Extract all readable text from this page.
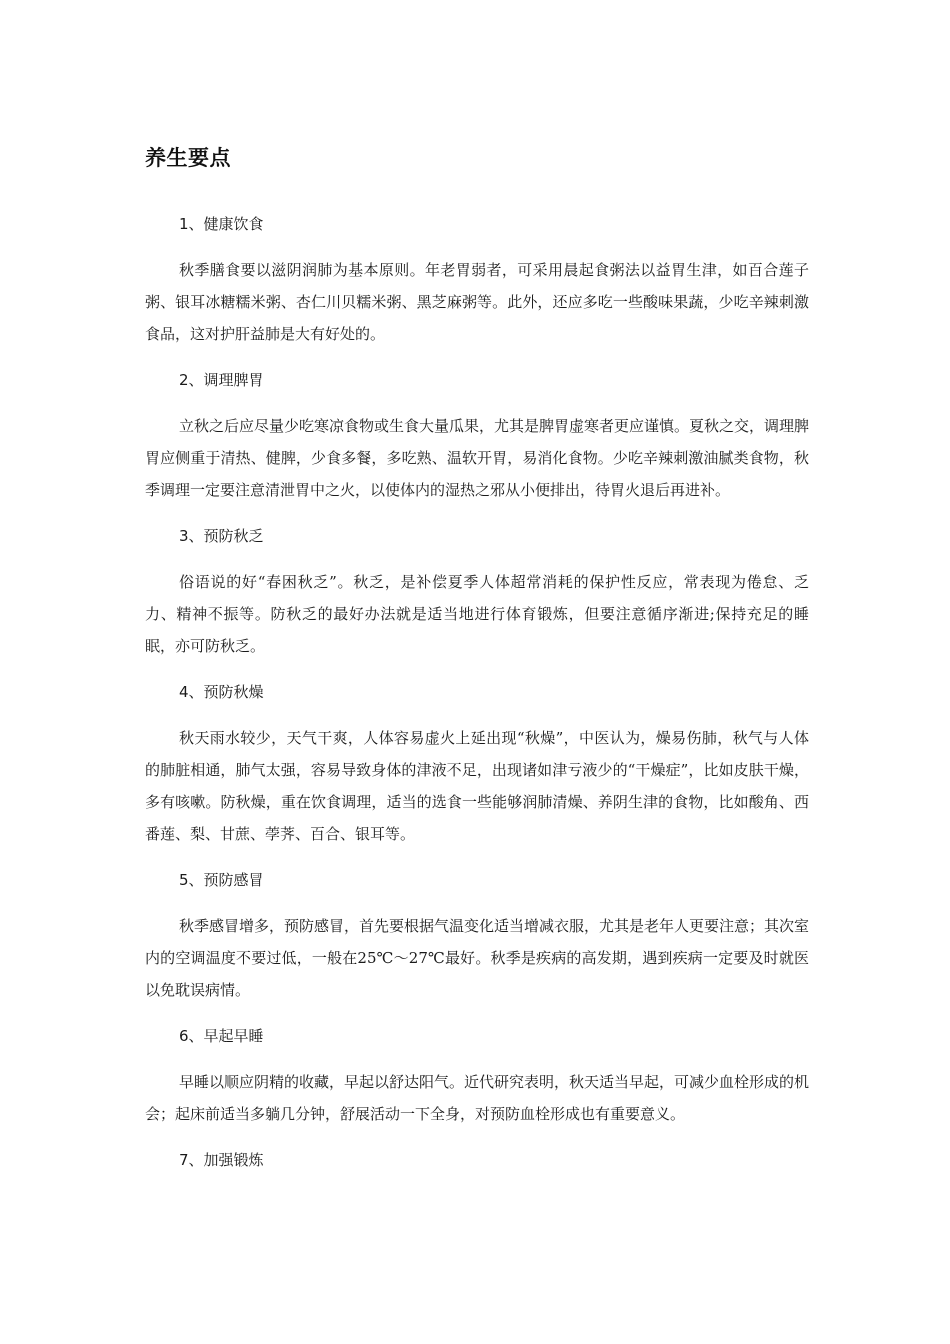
养生要点
1、健康饮食

秋季膳食要以滋阴润肺为基本原则。年老胃弱者，可采用晨起食粥法以益胃生津，如百合莲子粥、银耳冰糖糯米粥、杏仁川贝糯米粥、黑芝麻粥等。此外，还应多吃一些酸味果蔬，少吃辛辣刺激食品，这对护肝益肺是大有好处的。

2、调理脾胃

立秋之后应尽量少吃寒凉食物或生食大量瓜果，尤其是脾胃虚寒者更应谨慎。夏秋之交，调理脾胃应侧重于清热、健脾，少食多餐，多吃熟、温软开胃，易消化食物。少吃辛辣刺激油腻类食物，秋季调理一定要注意清泄胃中之火，以使体内的湿热之邪从小便排出，待胃火退后再进补。

3、预防秋乏

俗语说的好“春困秋乏”。秋乏，是补偿夏季人体超常消耗的保护性反应，常表现为倦怠、乏力、精神不振等。防秋乏的最好办法就是适当地进行体育锻炼，但要注意循序渐进;保持充足的睡眠，亦可防秋乏。

4、预防秋燥

秋天雨水较少，天气干爽，人体容易虚火上延出现“秋燥”，中医认为，燥易伤肺，秋气与人体的肺脏相通，肺气太强，容易导致身体的津液不足，出现诸如津亏液少的“干燥症”，比如皮肤干燥，多有咳嗽。防秋燥，重在饮食调理，适当的选食一些能够润肺清燥、养阴生津的食物，比如酸角、西番莲、梨、甘蔗、荸荠、百合、银耳等。

5、预防感冒

秋季感冒增多，预防感冒，首先要根据气温变化适当增减衣服，尤其是老年人更要注意；其次室内的空调温度不要过低，一般在25℃～27℃最好。秋季是疾病的高发期，遇到疾病一定要及时就医以免耽误病情。

6、早起早睡

早睡以顺应阴精的收藏，早起以舒达阳气。近代研究表明，秋天适当早起，可减少血栓形成的机会；起床前适当多躺几分钟，舒展活动一下全身，对预防血栓形成也有重要意义。

7、加强锻炼
